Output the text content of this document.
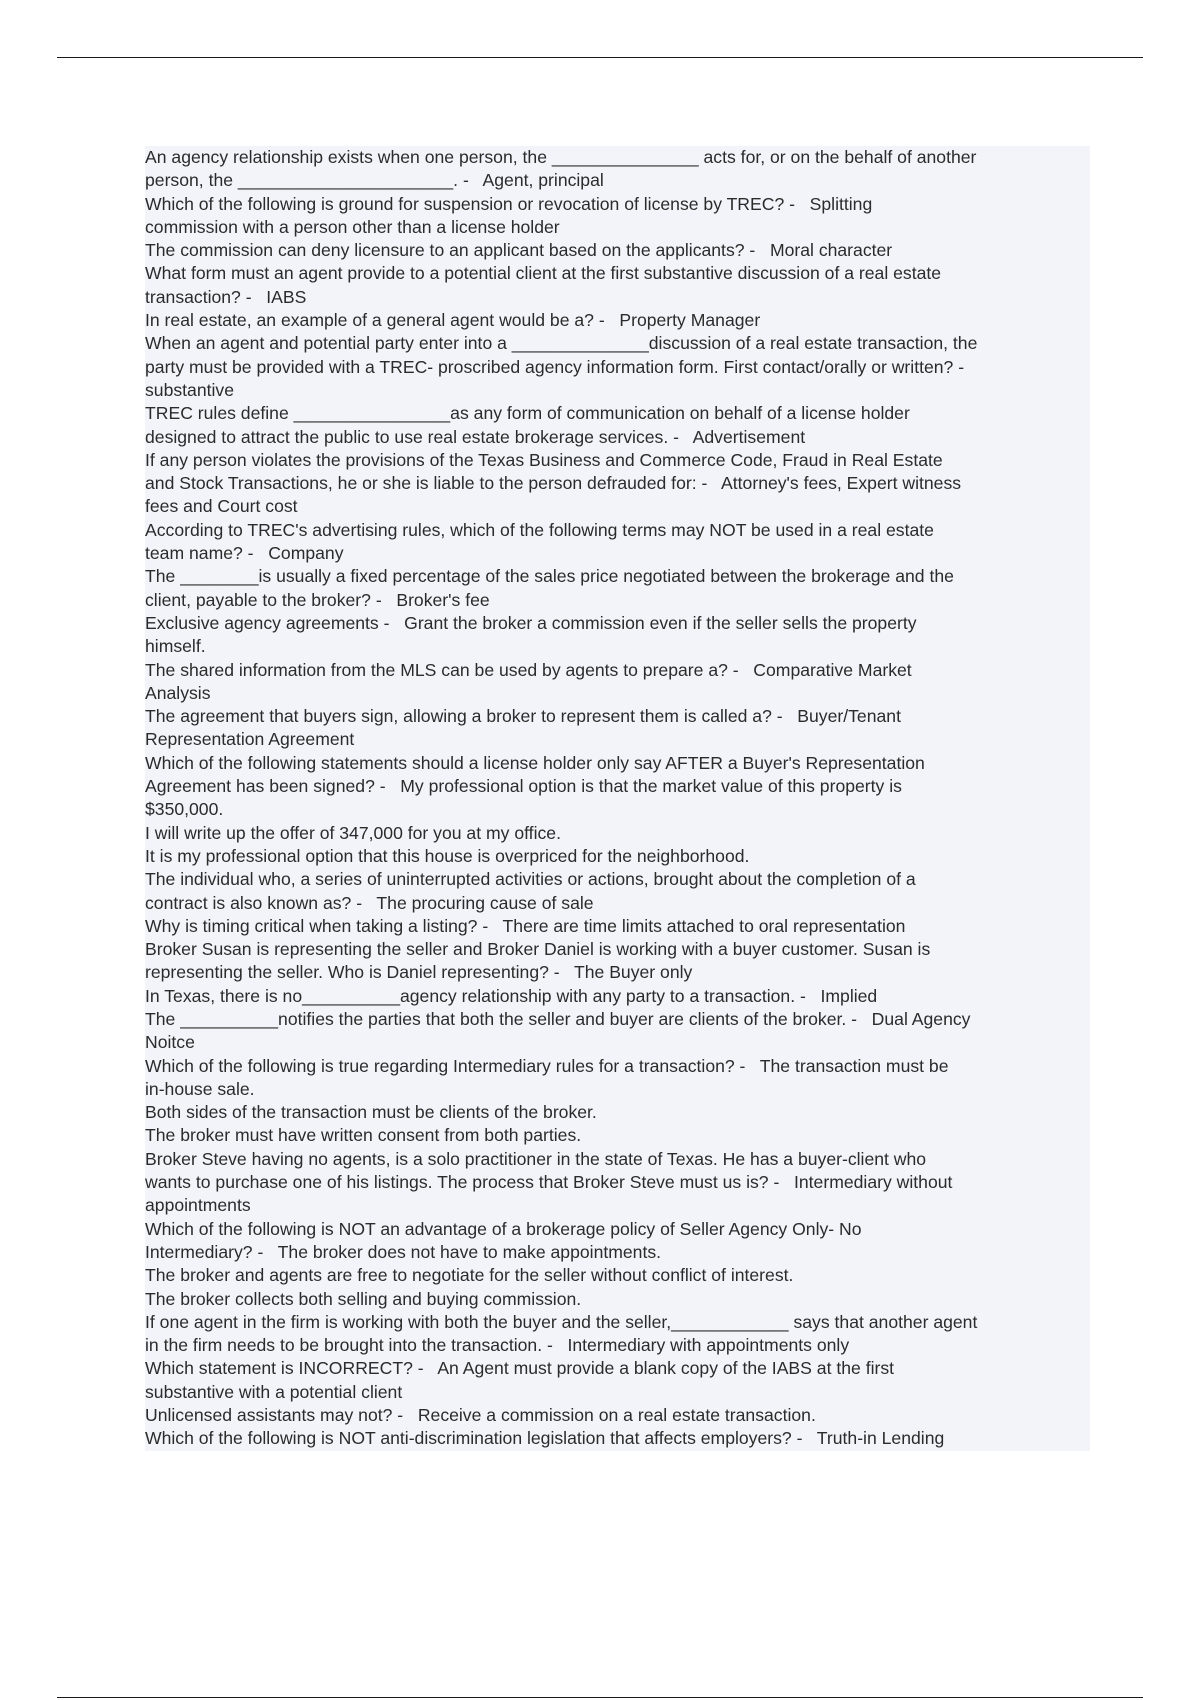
An agency relationship exists when one person, the _______________ acts for, or on the behalf of another
person, the ______________________. -   Agent, principal
Which of the following is ground for suspension or revocation of license by TREC? -   Splitting
commission with a person other than a license holder
The commission can deny licensure to an applicant based on the applicants? -   Moral character
What form must an agent provide to a potential client at the first substantive discussion of a real estate
transaction? -   IABS
In real estate, an example of a general agent would be a? -   Property Manager
When an agent and potential party enter into a ______________discussion of a real estate transaction, the
party must be provided with a TREC- proscribed agency information form. First contact/orally or written? -
substantive
TREC rules define ________________as any form of communication on behalf of a license holder
designed to attract the public to use real estate brokerage services. -   Advertisement
If any person violates the provisions of the Texas Business and Commerce Code, Fraud in Real Estate
and Stock Transactions, he or she is liable to the person defrauded for: -   Attorney's fees, Expert witness
fees and Court cost
According to TREC's advertising rules, which of the following terms may NOT be used in a real estate
team name? -   Company
The ________is usually a fixed percentage of the sales price negotiated between the brokerage and the
client, payable to the broker? -   Broker's fee
Exclusive agency agreements -   Grant the broker a commission even if the seller sells the property
himself.
The shared information from the MLS can be used by agents to prepare a? -   Comparative Market
Analysis
The agreement that buyers sign, allowing a broker to represent them is called a? -   Buyer/Tenant
Representation Agreement
Which of the following statements should a license holder only say AFTER a Buyer's Representation
Agreement has been signed? -   My professional option is that the market value of this property is
$350,000.
I will write up the offer of 347,000 for you at my office.
It is my professional option that this house is overpriced for the neighborhood.
The individual who, a series of uninterrupted activities or actions, brought about the completion of a
contract is also known as? -   The procuring cause of sale
Why is timing critical when taking a listing? -   There are time limits attached to oral representation
Broker Susan is representing the seller and Broker Daniel is working with a buyer customer. Susan is
representing the seller. Who is Daniel representing? -   The Buyer only
In Texas, there is no__________agency relationship with any party to a transaction. -   Implied
The __________notifies the parties that both the seller and buyer are clients of the broker. -   Dual Agency
Noitce
Which of the following is true regarding Intermediary rules for a transaction? -   The transaction must be
in-house sale.
Both sides of the transaction must be clients of the broker.
The broker must have written consent from both parties.
Broker Steve having no agents, is a solo practitioner in the state of Texas. He has a buyer-client who
wants to purchase one of his listings. The process that Broker Steve must us is? -   Intermediary without
appointments
Which of the following is NOT an advantage of a brokerage policy of Seller Agency Only- No
Intermediary? -   The broker does not have to make appointments.
The broker and agents are free to negotiate for the seller without conflict of interest.
The broker collects both selling and buying commission.
If one agent in the firm is working with both the buyer and the seller,____________ says that another agent
in the firm needs to be brought into the transaction. -   Intermediary with appointments only
Which statement is INCORRECT? -   An Agent must provide a blank copy of the IABS at the first
substantive with a potential client
Unlicensed assistants may not? -   Receive a commission on a real estate transaction.
Which of the following is NOT anti-discrimination legislation that affects employers? -   Truth-in Lending
